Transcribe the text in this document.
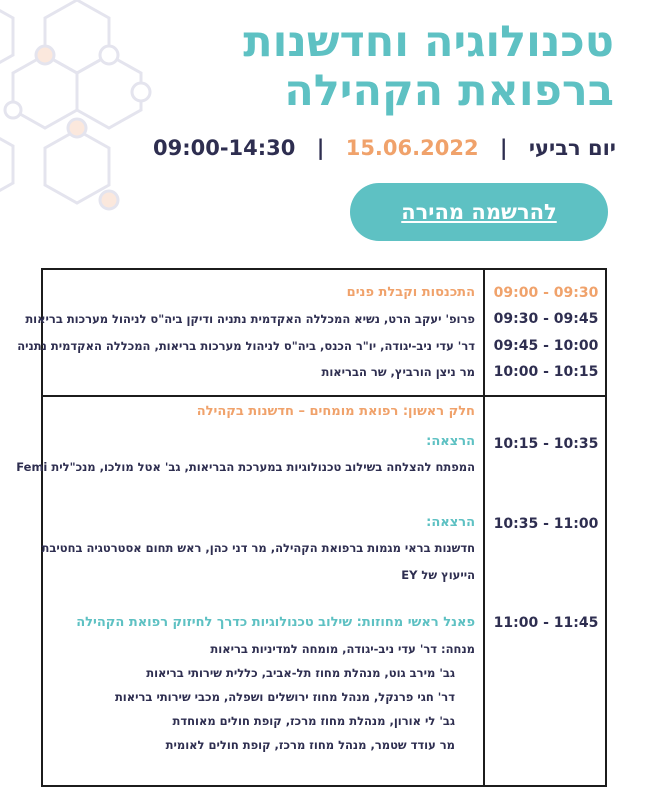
טכנולוגיה וחדשנות
ברפואת הקהילה
יום רביעי | 15.06.2022 | 09:00-14:30
להרשמה מהירה
09:00 - 09:30
התכנסות וקבלת פנים
09:30 - 09:45
פרופ' יעקב הרט, נשיא המכללה האקדמית נתניה ודיקן ביה"ס לניהול מערכות בריאות
09:45 - 10:00
דר' עדי ניב-יגודה, יו"ר הכנס, ביה"ס לניהול מערכות בריאות, המכללה האקדמית נתניה
10:00 - 10:15
מר ניצן הורביץ, שר הבריאות
חלק ראשון: רפואת מומחים – חדשנות בקהילה
הרצאה:	10:15 - 10:35
המפתח להצלחה בשילוב טכנולוגיות במערכת הבריאות, גב' אטל מולכו, מנכ"לית Femi
הרצאה:	10:35 - 11:00
חדשנות בראי מגמות ברפואת הקהילה, מר דני כהן, ראש תחום אסטרטגיה בחטיבת
הייעוץ של EY
פאנל ראשי מחוזות: שילוב טכנולוגיות כדרך לחיזוק רפואת הקהילה	11:00 - 11:45
מנחה: דר' עדי ניב-יגודה, מומחה למדיניות בריאות
גב' מירב גוט, מנהלת מחוז תל-אביב, כללית שירותי בריאות
דר' חגי פרנקל, מנהל מחוז ירושלים ושפלה, מכבי שירותי בריאות
גב' לי אורון, מנהלת מחוז מרכז, קופת חולים מאוחדת
מר עודד שטמר, מנהל מחוז מרכז, קופת חולים לאומית
